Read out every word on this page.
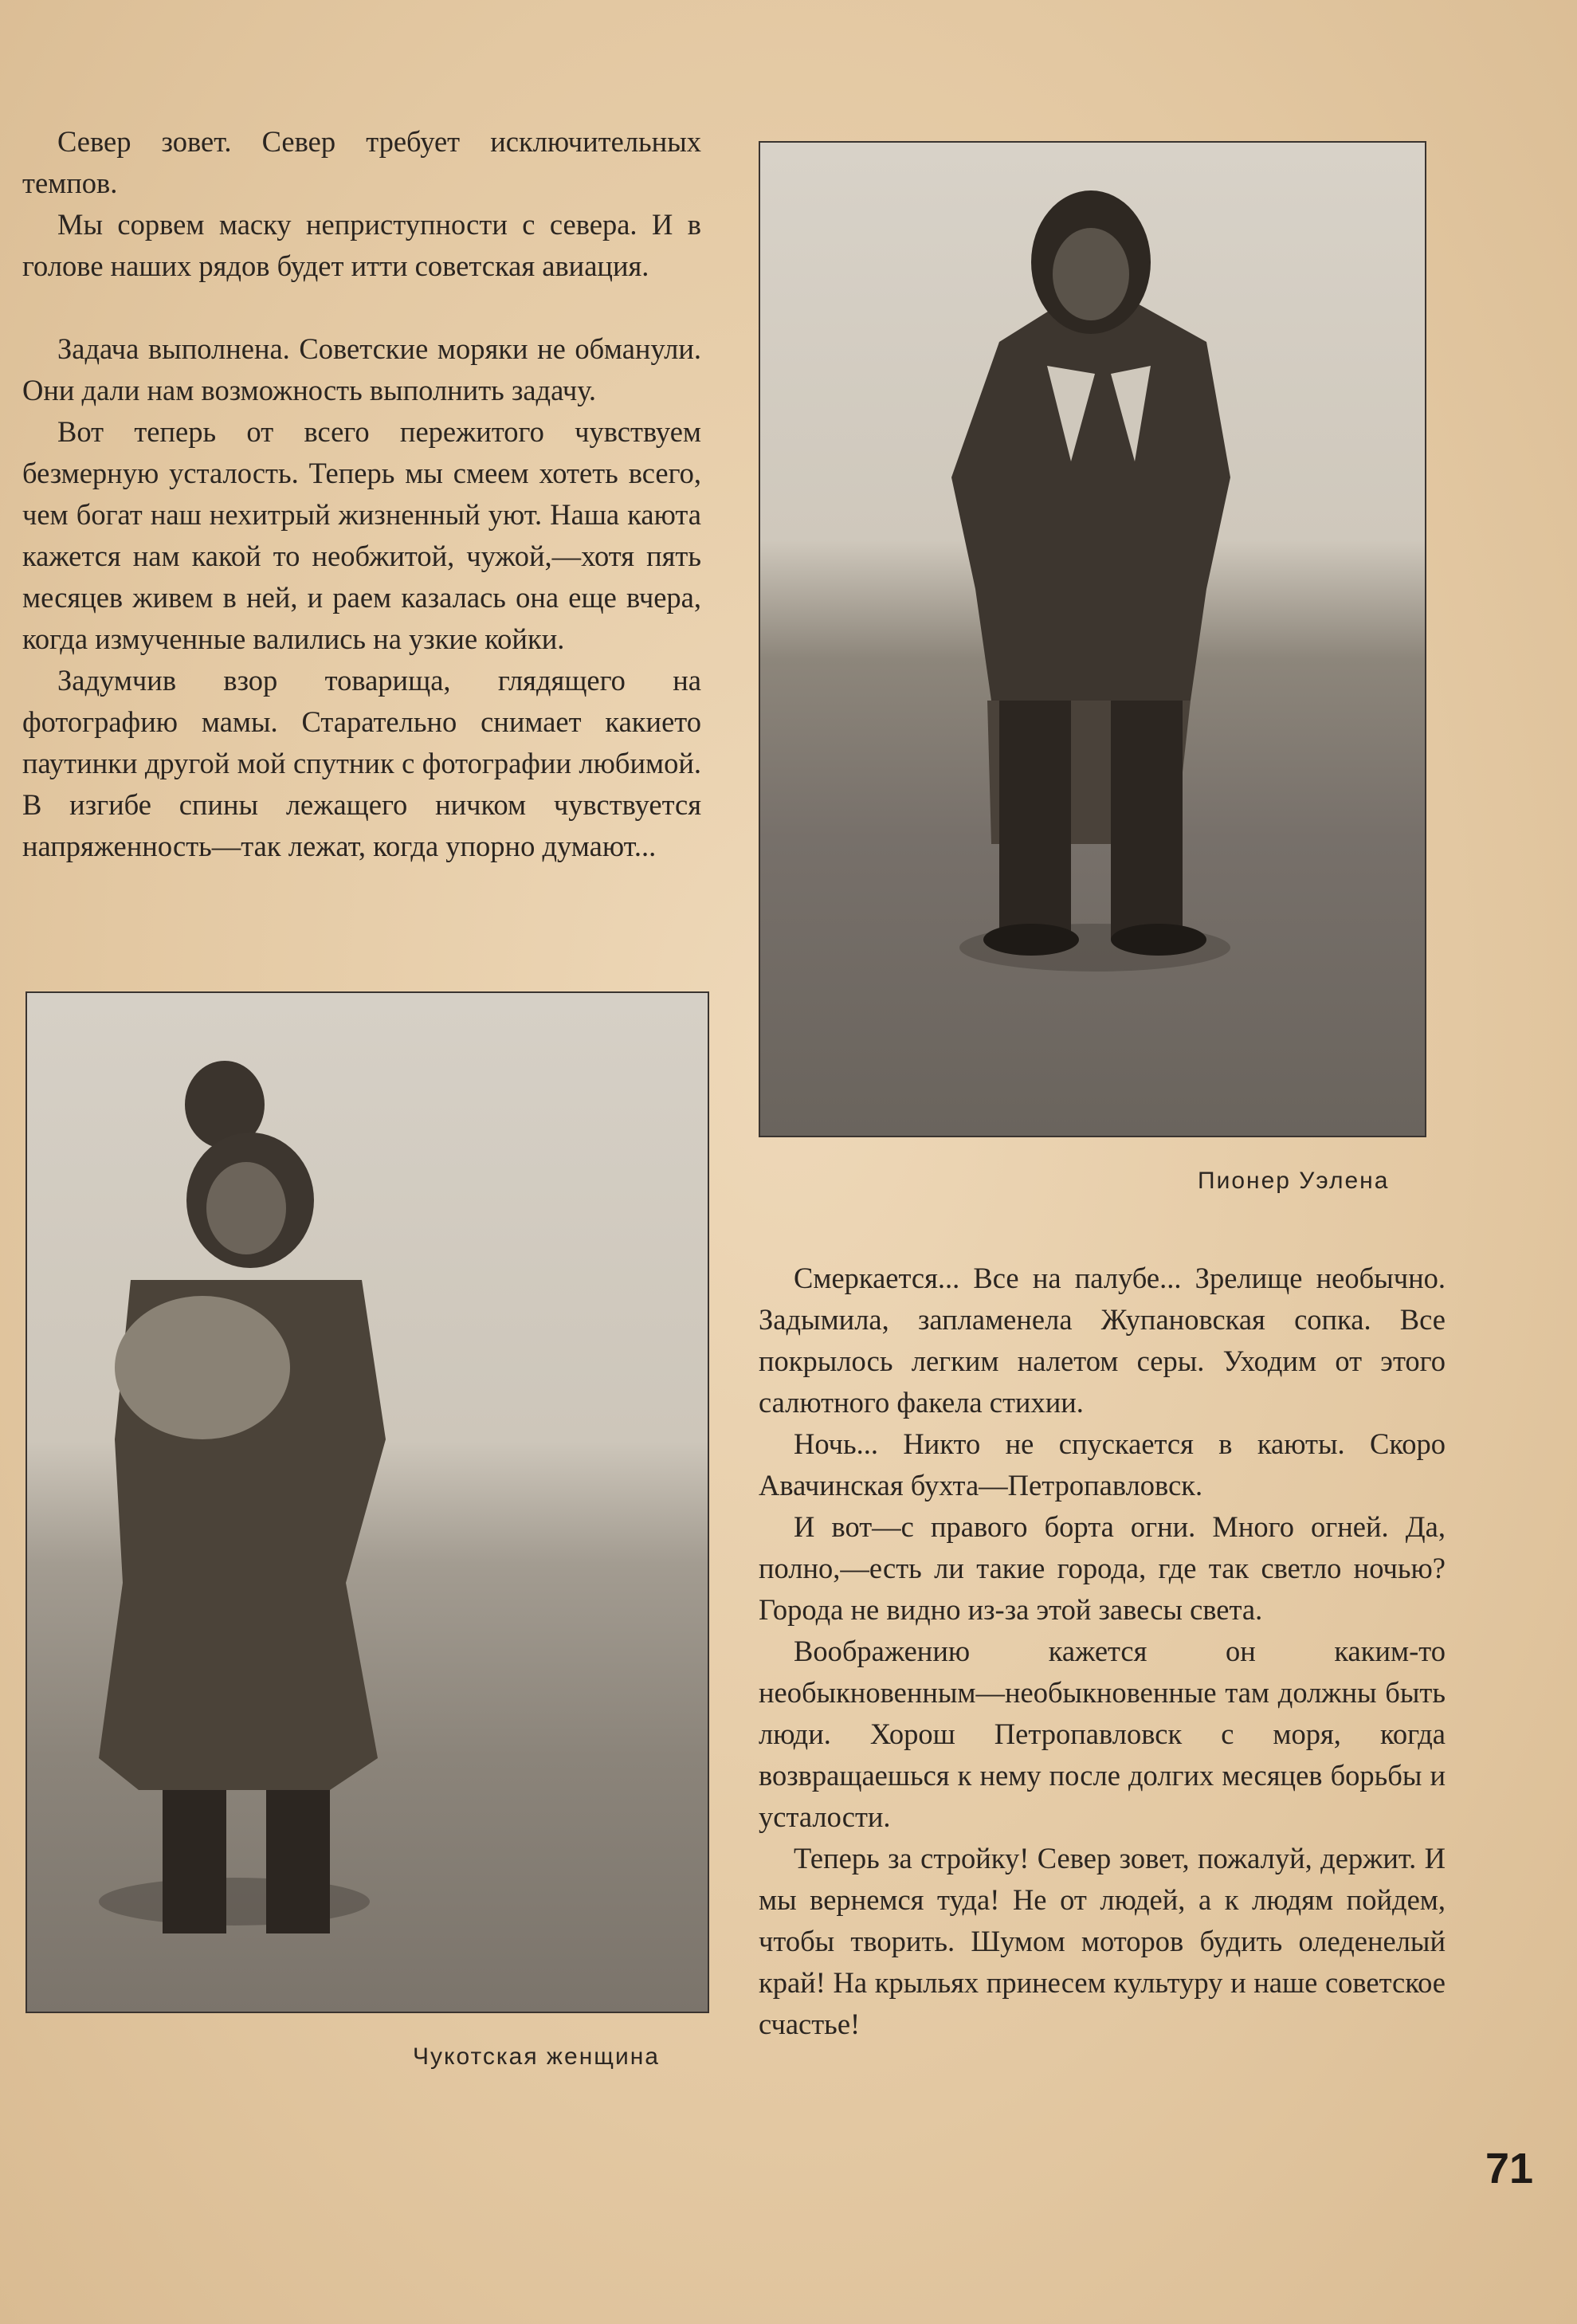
Север зовет. Север требует исключительных темпов.

Мы сорвем маску неприступности с севера. И в голове наших рядов будет итти советская авиация.

Задача выполнена. Советские моряки не обманули. Они дали нам возможность выполнить задачу.

Вот теперь от всего пережитого чувствуем безмерную усталость. Теперь мы смеем хотеть всего, чем богат наш нехитрый жизненный уют. Наша каюта кажется нам какой то необжитой, чужой,—хотя пять месяцев живем в ней, и раем казалась она еще вчера, когда измученные валились на узкие койки.

Задумчив взор товарища, глядящего на фотографию мамы. Старательно снимает какието паутинки другой мой спутник с фотографии любимой. В изгибе спины лежащего ничком чувствуется напряженность—так лежат, когда упорно думают...

Пионер Уэлена
Чукотская женщина

Смеркается... Все на палубе... Зрелище необычно. Задымила, запламенела Жупановская сопка. Все покрылось легким налетом серы. Уходим от этого салютного факела стихии.

Ночь... Никто не спускается в каюты. Скоро Авачинская бухта—Петропавловск.

И вот—с правого борта огни. Много огней. Да, полно,—есть ли такие города, где так светло ночью? Города не видно из-за этой завесы света.

Воображению кажется он каким-то необыкновенным—необыкновенные там должны быть люди. Хорош Петропавловск с моря, когда возвращаешься к нему после долгих месяцев борьбы и усталости.

Теперь за стройку! Север зовет, пожалуй, держит. И мы вернемся туда! Не от людей, а к людям пойдем, чтобы творить. Шумом моторов будить оледенелый край! На крыльях принесем культуру и наше советское счастье!

71
